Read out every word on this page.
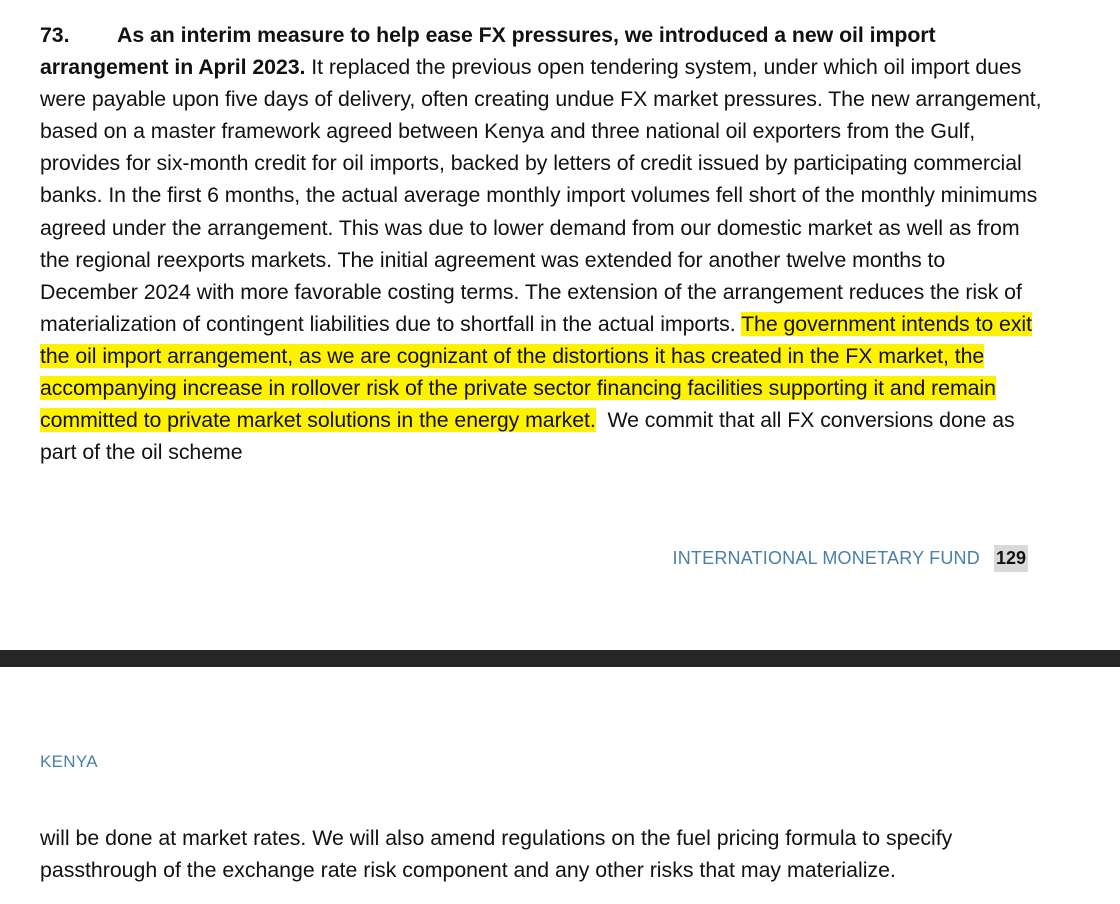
73. As an interim measure to help ease FX pressures, we introduced a new oil import arrangement in April 2023. It replaced the previous open tendering system, under which oil import dues were payable upon five days of delivery, often creating undue FX market pressures. The new arrangement, based on a master framework agreed between Kenya and three national oil exporters from the Gulf, provides for six-month credit for oil imports, backed by letters of credit issued by participating commercial banks. In the first 6 months, the actual average monthly import volumes fell short of the monthly minimums agreed under the arrangement. This was due to lower demand from our domestic market as well as from the regional reexports markets. The initial agreement was extended for another twelve months to December 2024 with more favorable costing terms. The extension of the arrangement reduces the risk of materialization of contingent liabilities due to shortfall in the actual imports. The government intends to exit the oil import arrangement, as we are cognizant of the distortions it has created in the FX market, the accompanying increase in rollover risk of the private sector financing facilities supporting it and remain committed to private market solutions in the energy market.  We commit that all FX conversions done as part of the oil scheme

INTERNATIONAL MONETARY FUND 129
KENYA

will be done at market rates. We will also amend regulations on the fuel pricing formula to specify passthrough of the exchange rate risk component and any other risks that may materialize.
